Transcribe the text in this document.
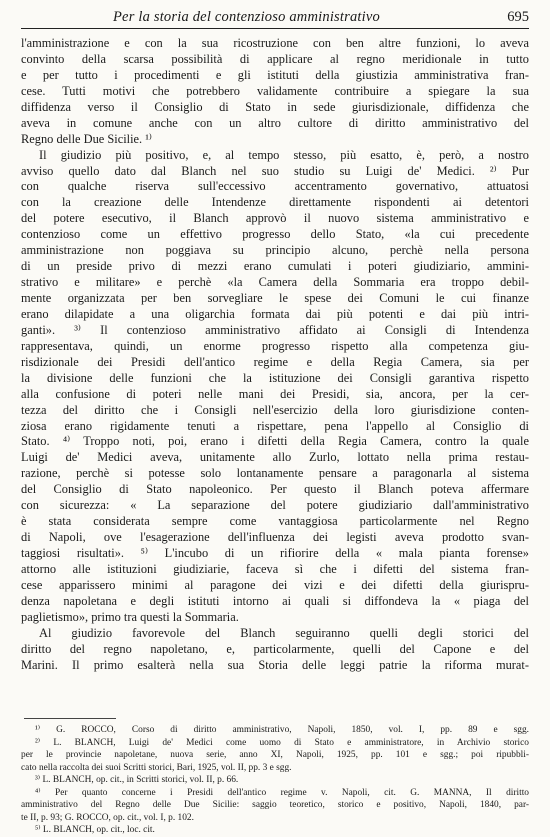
Per la storia del contenzioso amministrativo	695
l'amministrazione e con la sua ricostruzione con ben altre funzioni, lo aveva
convinto della scarsa possibilità di applicare al regno meridionale in tutto
e per tutto i procedimenti e gli istituti della giustizia amministrativa fran-
cese. Tutti motivi che potrebbero validamente contribuire a spiegare la sua
diffidenza verso il Consiglio di Stato in sede giurisdizionale, diffidenza che
aveva in comune anche con un altro cultore di diritto amministrativo del
Regno delle Due Sicilie. ¹⁾
Il giudizio più positivo, e, al tempo stesso, più esatto, è, però, a nostro
avviso quello dato dal Blanch nel suo studio su Luigi de' Medici. ²⁾ Pur
con qualche riserva sull'eccessivo accentramento governativo, attuatosi
con la creazione delle Intendenze direttamente rispondenti ai detentori
del potere esecutivo, il Blanch approvò il nuovo sistema amministrativo e
contenzioso come un effettivo progresso dello Stato, «la cui precedente
amministrazione non poggiava su principio alcuno, perchè nella persona
di un preside privo di mezzi erano cumulati i poteri giudiziario, ammini-
strativo e militare» e perchè «la Camera della Sommaria era troppo debil-
mente organizzata per ben sorvegliare le spese dei Comuni le cui finanze
erano dilapidate a una oligarchia formata dai più potenti e dai più intri-
ganti». ³⁾ Il contenzioso amministrativo affidato ai Consigli di Intendenza
rappresentava, quindi, un enorme progresso rispetto alla competenza giu-
risdizionale dei Presidi dell'antico regime e della Regia Camera, sia per
la divisione delle funzioni che la istituzione dei Consigli garantiva rispetto
alla confusione di poteri nelle mani dei Presidi, sia, ancora, per la cer-
tezza del diritto che i Consigli nell'esercizio della loro giurisdizione conten-
ziosa erano rigidamente tenuti a rispettare, pena l'appello al Consiglio di
Stato. ⁴⁾ Troppo noti, poi, erano i difetti della Regia Camera, contro la quale
Luigi de' Medici aveva, unitamente allo Zurlo, lottato nella prima restau-
razione, perchè si potesse solo lontanamente pensare a paragonarla al sistema
del Consiglio di Stato napoleonico. Per questo il Blanch poteva affermare
con sicurezza: « La separazione del potere giudiziario dall'amministrativo
è stata considerata sempre come vantaggiosa particolarmente nel Regno
di Napoli, ove l'esagerazione dell'influenza dei legisti aveva prodotto svan-
taggiosi risultati». ⁵⁾ L'incubo di un rifiorire della « mala pianta forense»
attorno alle istituzioni giudiziarie, faceva sì che i difetti del sistema fran-
cese apparissero minimi al paragone dei vizi e dei difetti della giurispru-
denza napoletana e degli istituti intorno ai quali si diffondeva la « piaga del
paglietismo», primo tra questi la Sommaria.
Al giudizio favorevole del Blanch seguiranno quelli degli storici del
diritto del regno napoletano, e, particolarmente, quelli del Capone e del
Marini. Il primo esalterà nella sua Storia delle leggi patrie la riforma murat-
¹⁾ G. ROCCO, Corso di diritto amministrativo, Napoli, 1850, vol. I, pp. 89 e sgg.
²⁾ L. BLANCH, Luigi de' Medici come uomo di Stato e amministratore, in Archivio storico
per le provincie napoletane, nuova serie, anno XI, Napoli, 1925, pp. 101 e sgg.; poi ripubbli-
cato nella raccolta dei suoi Scritti storici, Bari, 1925, vol. II, pp. 3 e sgg.
³⁾ L. BLANCH, op. cit., in Scritti storici, vol. II, p. 66.
⁴⁾ Per quanto concerne i Presidi dell'antico regime v. Napoli, cit. G. MANNA, Il diritto
amministrativo del Regno delle Due Sicilie: saggio teoretico, storico e positivo, Napoli, 1840, par-
te II, p. 93; G. ROCCO, op. cit., vol. I, p. 102.
⁵⁾ L. BLANCH, op. cit., loc. cit.
